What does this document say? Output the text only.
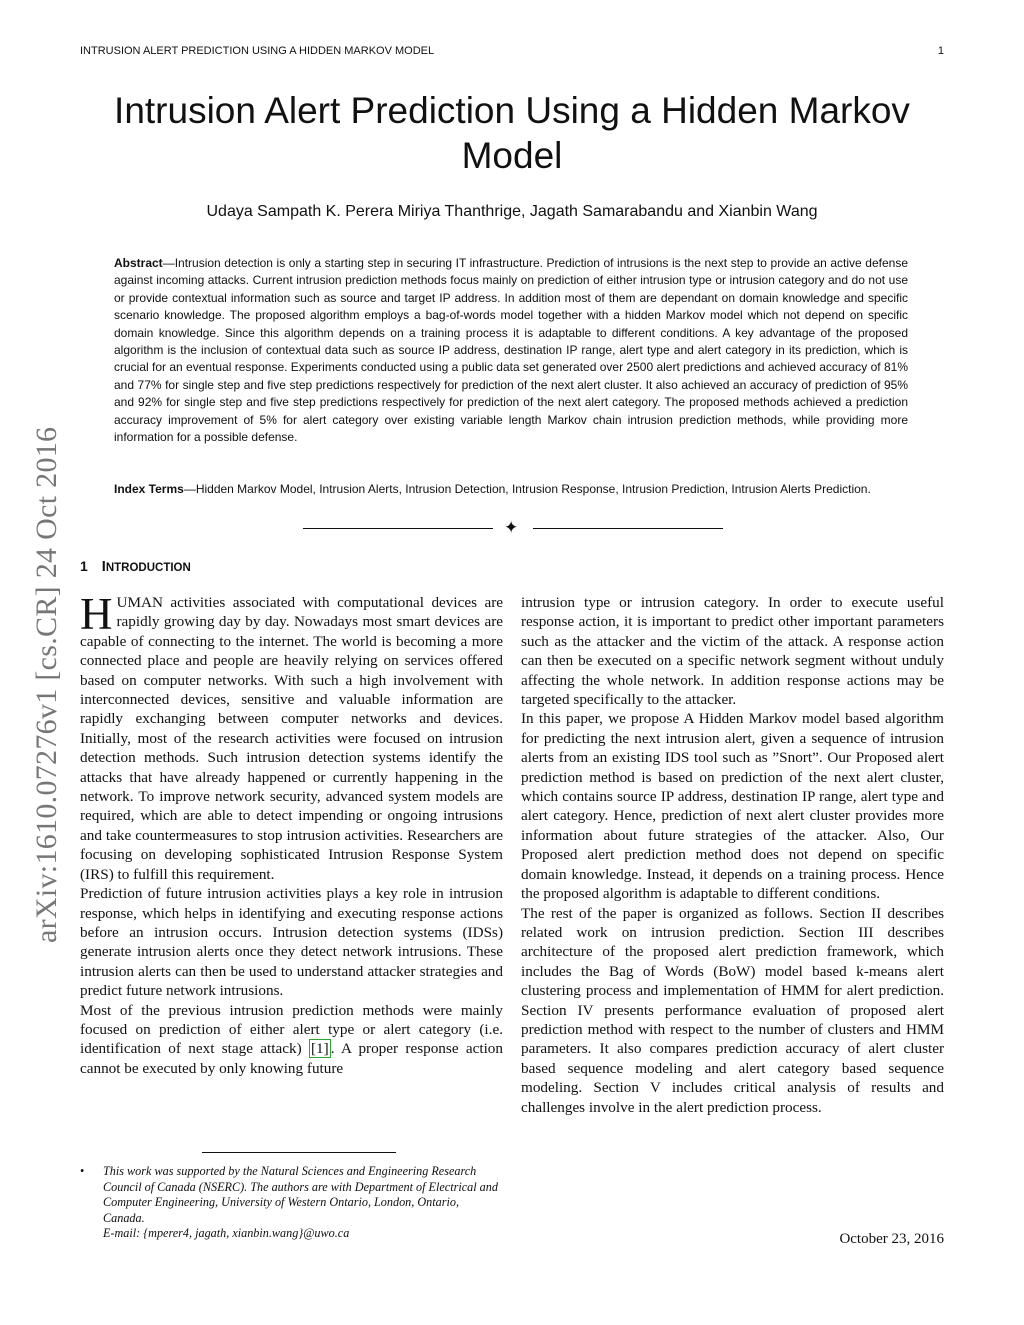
INTRUSION ALERT PREDICTION USING A HIDDEN MARKOV MODEL	1
Intrusion Alert Prediction Using a Hidden Markov Model
Udaya Sampath K. Perera Miriya Thanthrige, Jagath Samarabandu and Xianbin Wang

Abstract—Intrusion detection is only a starting step in securing IT infrastructure. Prediction of intrusions is the next step to provide an active defense against incoming attacks. Current intrusion prediction methods focus mainly on prediction of either intrusion type or intrusion category and do not use or provide contextual information such as source and target IP address. In addition most of them are dependant on domain knowledge and specific scenario knowledge. The proposed algorithm employs a bag-of-words model together with a hidden Markov model which not depend on specific domain knowledge. Since this algorithm depends on a training process it is adaptable to different conditions. A key advantage of the proposed algorithm is the inclusion of contextual data such as source IP address, destination IP range, alert type and alert category in its prediction, which is crucial for an eventual response. Experiments conducted using a public data set generated over 2500 alert predictions and achieved accuracy of 81% and 77% for single step and five step predictions respectively for prediction of the next alert cluster. It also achieved an accuracy of prediction of 95% and 92% for single step and five step predictions respectively for prediction of the next alert category. The proposed methods achieved a prediction accuracy improvement of 5% for alert category over existing variable length Markov chain intrusion prediction methods, while providing more information for a possible defense.

Index Terms—Hidden Markov Model, Intrusion Alerts, Intrusion Detection, Intrusion Response, Intrusion Prediction, Intrusion Alerts Prediction.

✦
arXiv:1610.07276v1 [cs.CR] 24 Oct 2016 1 INTRODUCTION

HUMAN activities associated with computational devices are rapidly growing day by day. Nowadays most smart devices are capable of connecting to the internet. The world is becoming a more connected place and people are heavily relying on services offered based on computer networks. With such a high involvement with interconnected devices, sensitive and valuable information are rapidly exchanging between computer networks and devices. Initially, most of the research activities were focused on intrusion detection methods. Such intrusion detection systems identify the attacks that have already happened or currently happening in the network. To improve network security, advanced system models are required, which are able to detect impending or ongoing intrusions and take countermeasures to stop intrusion activities. Researchers are focusing on developing sophisticated Intrusion Response System (IRS) to fulfill this requirement.

Prediction of future intrusion activities plays a key role in intrusion response, which helps in identifying and executing response actions before an intrusion occurs. Intrusion detection systems (IDSs) generate intrusion alerts once they detect network intrusions. These intrusion alerts can then be used to understand attacker strategies and predict future network intrusions.

Most of the previous intrusion prediction methods were mainly focused on prediction of either alert type or alert category (i.e. identification of next stage attack) [1] . A proper response action cannot be executed by only knowing future

intrusion type or intrusion category. In order to execute useful response action, it is important to predict other important parameters such as the attacker and the victim of the attack. A response action can then be executed on a specific network segment without unduly affecting the whole network. In addition response actions may be targeted specifically to the attacker.

In this paper, we propose A Hidden Markov model based algorithm for predicting the next intrusion alert, given a sequence of intrusion alerts from an existing IDS tool such as ”Snort”. Our Proposed alert prediction method is based on prediction of the next alert cluster, which contains source IP address, destination IP range, alert type and alert category. Hence, prediction of next alert cluster provides more information about future strategies of the attacker. Also, Our Proposed alert prediction method does not depend on specific domain knowledge. Instead, it depends on a training process. Hence the proposed algorithm is adaptable to different conditions.

The rest of the paper is organized as follows. Section II describes related work on intrusion prediction. Section III describes architecture of the proposed alert prediction framework, which includes the Bag of Words (BoW) model based k-means alert clustering process and implementation of HMM for alert prediction. Section IV presents performance evaluation of proposed alert prediction method with respect to the number of clusters and HMM parameters. It also compares prediction accuracy of alert cluster based sequence modeling and alert category based sequence modeling. Section V includes critical analysis of results and challenges involve in the alert prediction process.

• This work was supported by the Natural Sciences and Engineering Research Council of Canada (NSERC). The authors are with Department of Electrical and Computer Engineering, University of Western Ontario, London, Ontario, Canada.
E-mail: {mperer4, jagath, xianbin.wang}@uwo.ca	October 23, 2016
